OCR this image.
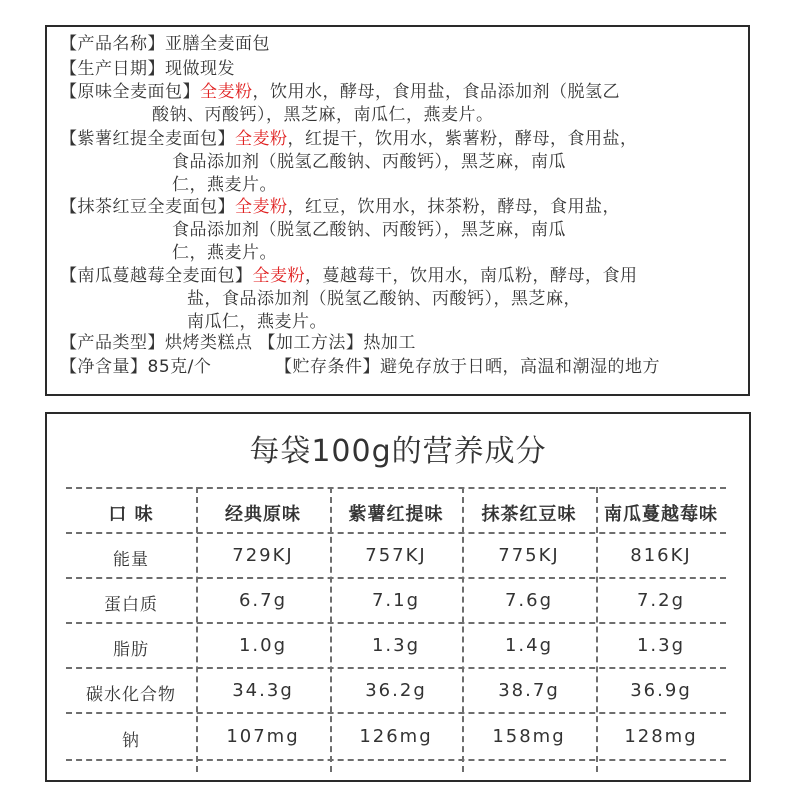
【产品名称】亚膳全麦面包
【生产日期】现做现发
【原味全麦面包】全麦粉，饮用水，酵母，食用盐，食品添加剂（脱氢乙
酸钠、丙酸钙），黑芝麻，南瓜仁，燕麦片。
【紫薯红提全麦面包】全麦粉，红提干，饮用水，紫薯粉，酵母，食用盐，
食品添加剂（脱氢乙酸钠、丙酸钙），黑芝麻，南瓜
仁，燕麦片。
【抹茶红豆全麦面包】全麦粉，红豆，饮用水，抹茶粉，酵母，食用盐，
食品添加剂（脱氢乙酸钠、丙酸钙），黑芝麻，南瓜
仁，燕麦片。
【南瓜蔓越莓全麦面包】全麦粉，蔓越莓干，饮用水，南瓜粉，酵母，食用
盐，食品添加剂（脱氢乙酸钠、丙酸钙），黑芝麻，
南瓜仁，燕麦片。
【产品类型】烘烤类糕点 【加工方法】热加工
【净含量】85克/个	【贮存条件】避免存放于日晒，高温和潮湿的地方
每袋100g的营养成分
口 味	经典原味	紫薯红提味	抹茶红豆味	南瓜蔓越莓味
能量	729KJ	757KJ	775KJ	816KJ
蛋白质	6.7g	7.1g	7.6g	7.2g
脂肪	1.0g	1.3g	1.4g	1.3g
碳水化合物	34.3g	36.2g	38.7g	36.9g
钠	107mg	126mg	158mg	128mg
